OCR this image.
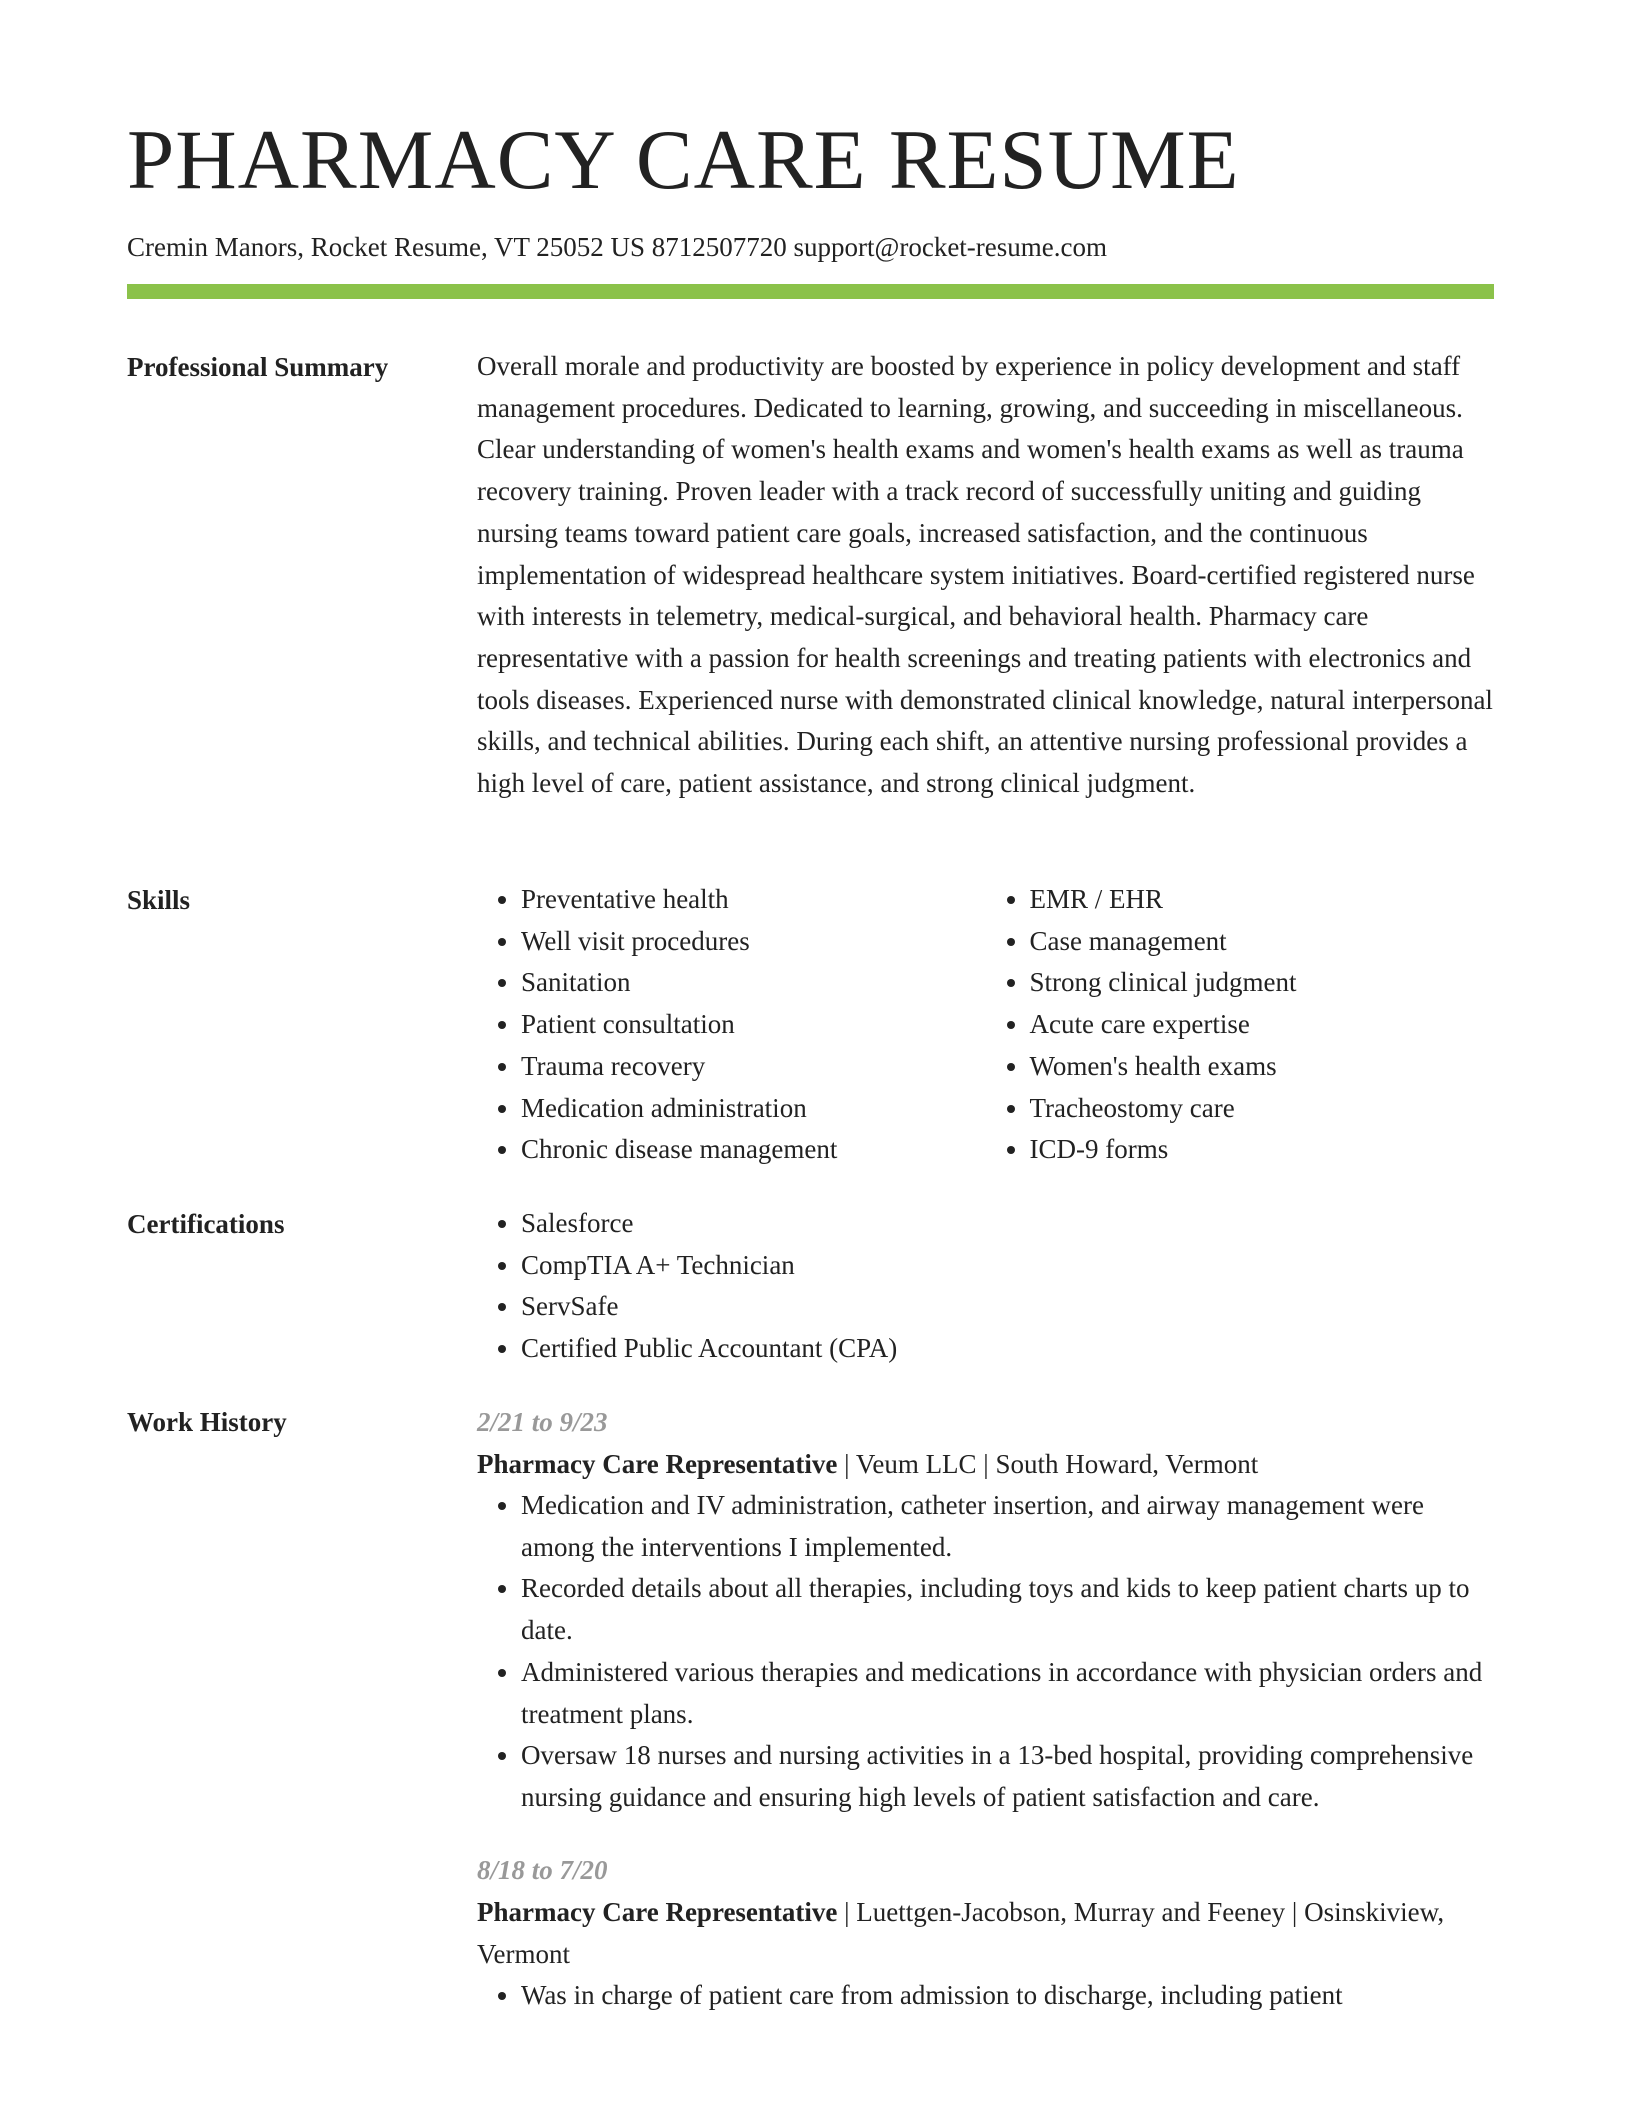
PHARMACY CARE RESUME
Cremin Manors, Rocket Resume, VT 25052 US 8712507720 support@rocket-resume.com
Professional Summary	Overall morale and productivity are boosted by experience in policy development and staff management procedures. Dedicated to learning, growing, and succeeding in miscellaneous. Clear understanding of women's health exams and women's health exams as well as trauma recovery training. Proven leader with a track record of successfully uniting and guiding nursing teams toward patient care goals, increased satisfaction, and the continuous implementation of widespread healthcare system initiatives. Board-certified registered nurse with interests in telemetry, medical-surgical, and behavioral health. Pharmacy care representative with a passion for health screenings and treating patients with electronics and tools diseases. Experienced nurse with demonstrated clinical knowledge, natural interpersonal skills, and technical abilities. During each shift, an attentive nursing professional provides a high level of care, patient assistance, and strong clinical judgment.

Skills	• Preventative health
• Well visit procedures
• Sanitation
• Patient consultation
• Trauma recovery
• Medication administration
• Chronic disease management
• EMR / EHR
• Case management
• Strong clinical judgment
• Acute care expertise
• Women's health exams
• Tracheostomy care
• ICD-9 forms
Certifications	• Salesforce
• CompTIA A+ Technician
• ServSafe
• Certified Public Accountant (CPA)
Work History	2/21 to 9/23
Pharmacy Care Representative | Veum LLC | South Howard, Vermont
• Medication and IV administration, catheter insertion, and airway management were among the interventions I implemented.
• Recorded details about all therapies, including toys and kids to keep patient charts up to date.
• Administered various therapies and medications in accordance with physician orders and treatment plans.
• Oversaw 18 nurses and nursing activities in a 13-bed hospital, providing comprehensive nursing guidance and ensuring high levels of patient satisfaction and care.
8/18 to 7/20
Pharmacy Care Representative | Luettgen-Jacobson, Murray and Feeney | Osinskiview, Vermont
• Was in charge of patient care from admission to discharge, including patient
